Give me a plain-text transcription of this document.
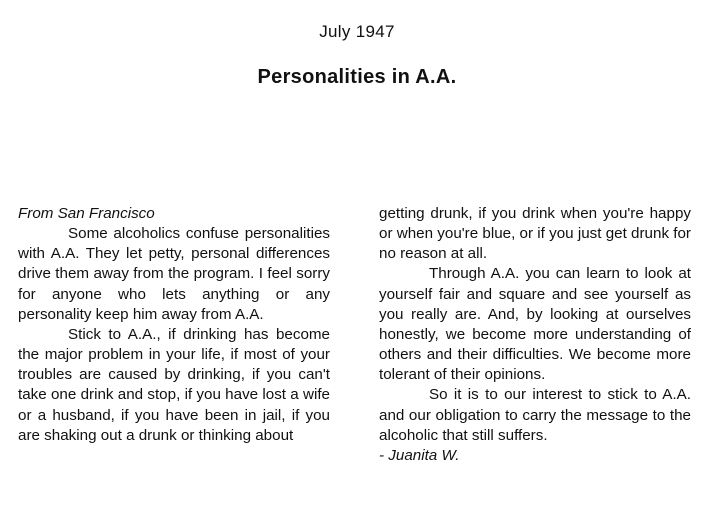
July 1947
Personalities in A.A.

From San Francisco

Some alcoholics confuse personalities with A.A. They let petty, personal differences drive them away from the program. I feel sorry for anyone who lets anything or any personality keep him away from A.A.

Stick to A.A., if drinking has become the major problem in your life, if most of your troubles are caused by drinking, if you can't take one drink and stop, if you have lost a wife or a husband, if you have been in jail, if you are shaking out a drunk or thinking about

getting drunk, if you drink when you're happy or when you're blue, or if you just get drunk for no reason at all.

Through A.A. you can learn to look at yourself fair and square and see yourself as you really are. And, by looking at ourselves honestly, we become more understanding of others and their difficulties. We become more tolerant of their opinions.

So it is to our interest to stick to A.A. and our obligation to carry the message to the alcoholic that still suffers.

- Juanita W.
